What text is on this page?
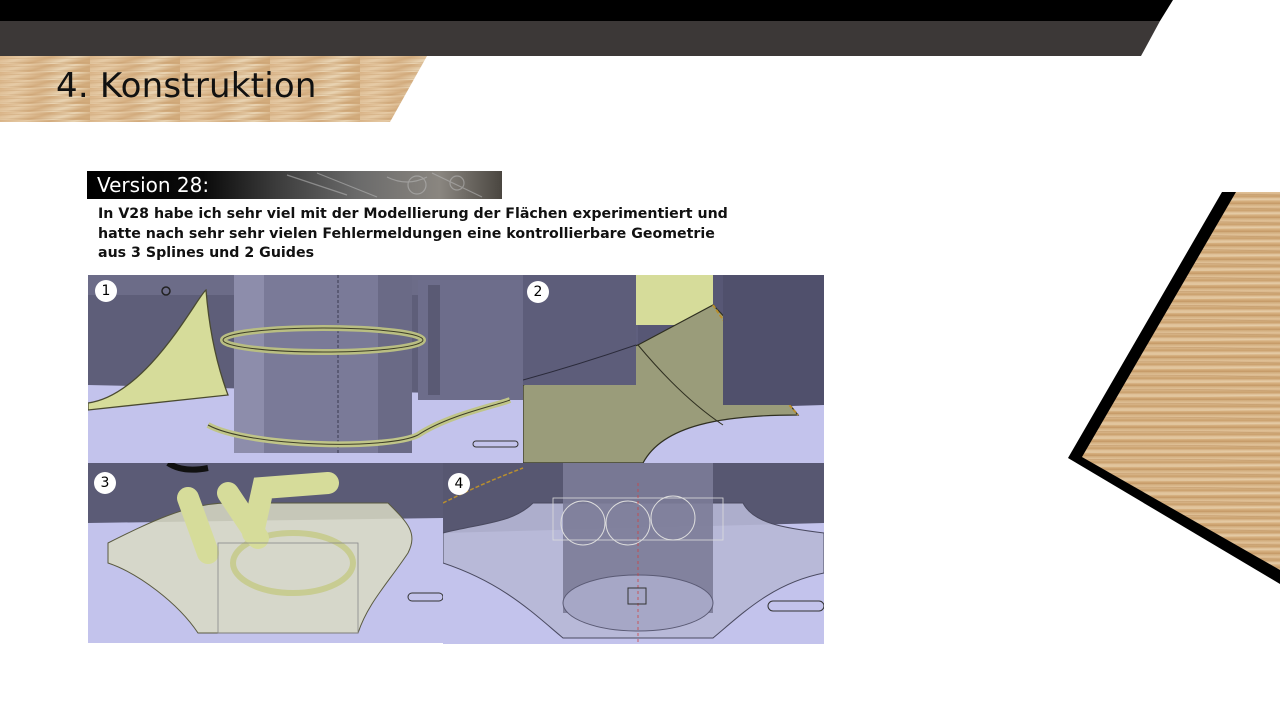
4. Konstruktion
Version 28:
In V28 habe ich sehr viel mit der Modellierung der Flächen experimentiert und hatte nach sehr sehr vielen Fehlermeldungen eine kontrollierbare Geometrie aus 3 Splines und 2 Guides
1	2
3	4
